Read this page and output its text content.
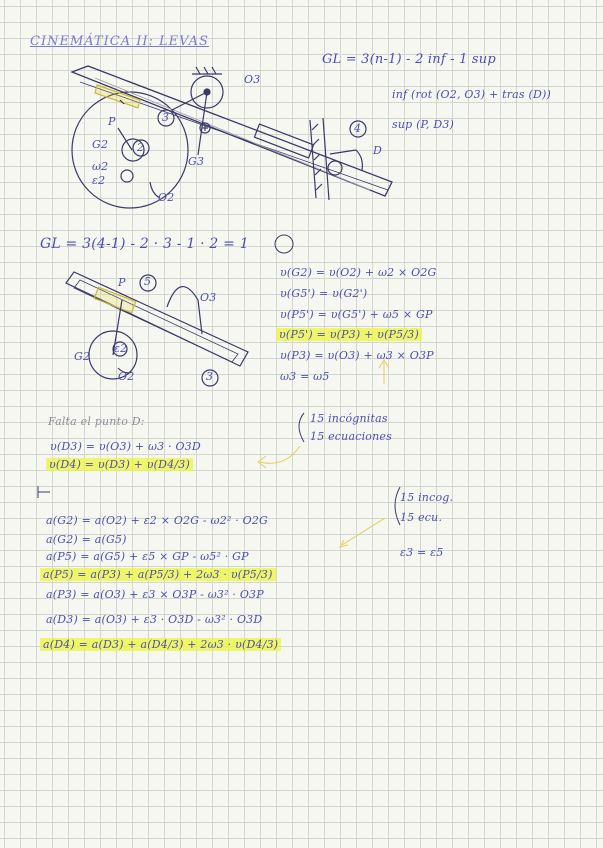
CINEMÁTICA II: LEVAS
GL = 3(n-1) - 2 inf - 1 sup
inf (rot (O2, O3) + tras (D))
sup (P, D3)
P
G2	2
ω2
ε2
O2
3
G3
O3
4
D
GL = 3(4-1) - 2 · 3 - 1 · 2 = 1
P 5
O3
G2
ε2
O2	3
υ(G2) = υ(O2) + ω2 × O2G
υ(G5') = υ(G2')
υ(P5') = υ(G5') + ω5 × GP
υ(P5') = υ(P3) + υ(P5/3)
υ(P3) = υ(O3) + ω3 × O3P
ω3 = ω5
15 incógnitas
15 ecuaciones
Falta el punto D:
υ(D3) = υ(O3) + ω3 · O3D
υ(D4) = υ(D3) + υ(D4/3)
15 incog.
15 ecu.
ε3 = ε5
a(G2) = a(O2) + ε2 × O2G - ω2² · O2G
a(G2) = a(G5)
a(P5) = a(G5) + ε5 × GP - ω5² · GP
a(P5) = a(P3) + a(P5/3) + 2ω3 · υ(P5/3)
a(P3) = a(O3) + ε3 × O3P - ω3² · O3P
a(D3) = a(O3) + ε3 · O3D - ω3² · O3D
a(D4) = a(D3) + a(D4/3) + 2ω3 · υ(D4/3)
